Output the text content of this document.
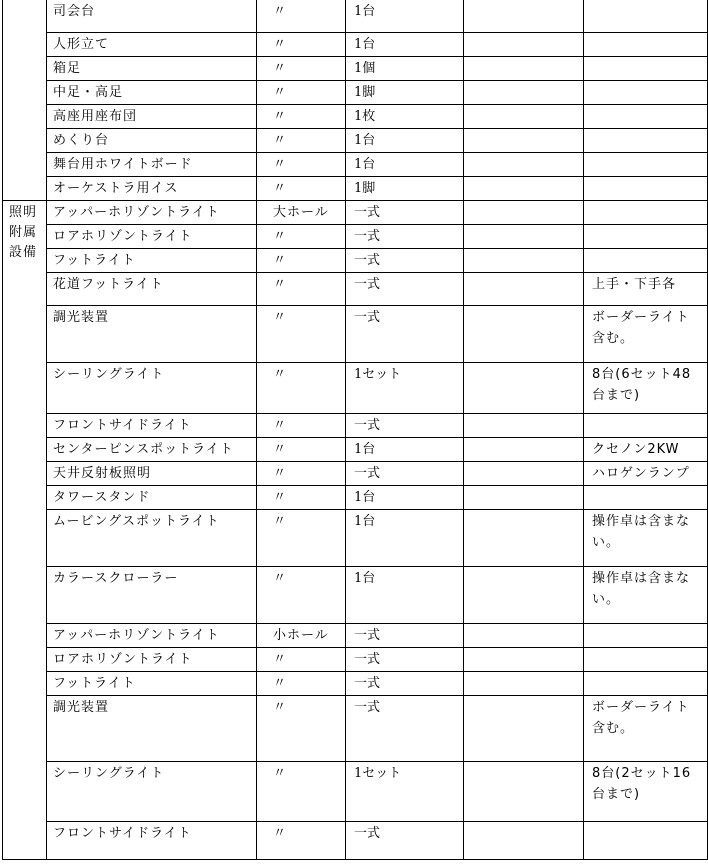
	司会台	〃	1台		
	人形立て	〃	1台		
	箱足	〃	1個		
	中足・高足	〃	1脚		
	高座用座布団	〃	1枚		
	めくり台	〃	1台		
	舞台用ホワイトボード	〃	1台		
	オーケストラ用イス	〃	1脚		

照明
附属
設備	アッパーホリゾントライト	大ホール	一式		
	ロアホリゾントライト	〃	一式		
	フットライト	〃	一式		
	花道フットライト	〃	一式		上手・下手各
	調光装置	〃	一式		ボーダーライト含む。
	シーリングライト	〃	1セット		8台(6セット48台まで)
	フロントサイドライト	〃	一式		
	センターピンスポットライト	〃	1台		クセノン2KW
	天井反射板照明	〃	一式		ハロゲンランプ
	タワースタンド	〃	1台		
	ムービングスポットライト	〃	1台		操作卓は含まない。
	カラースクローラー	〃	1台		操作卓は含まない。
	アッパーホリゾントライト	小ホール	一式		
	ロアホリゾントライト	〃	一式		
	フットライト	〃	一式		
	調光装置	〃	一式		ボーダーライト含む。
	シーリングライト	〃	1セット		8台(2セット16台まで)
	フロントサイドライト	〃	一式		
